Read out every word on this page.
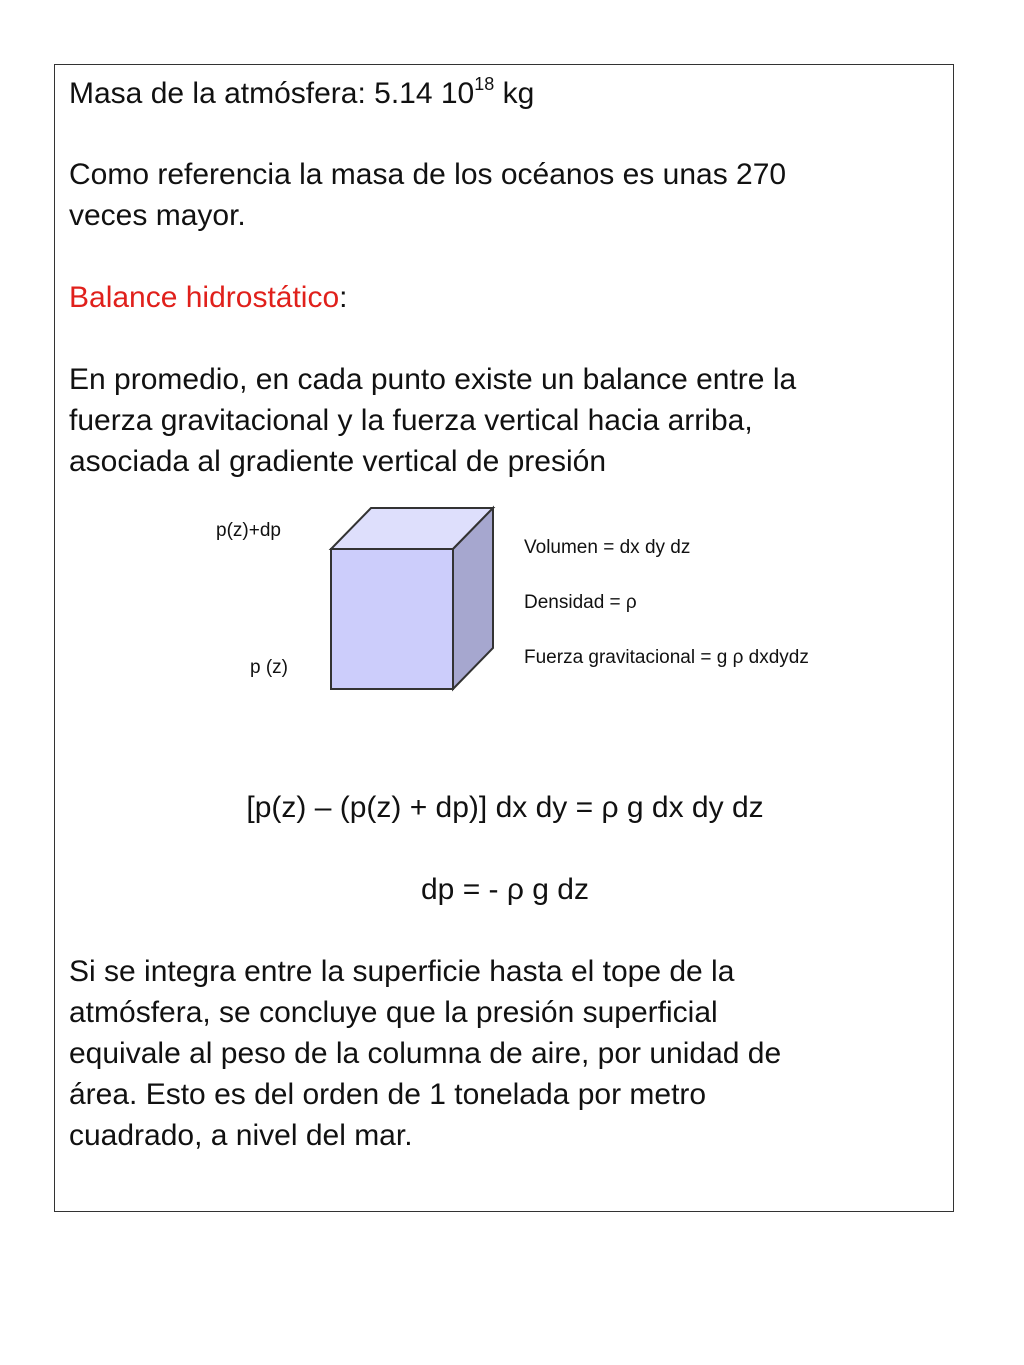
Masa de la atmósfera: 5.14 $10^{18}$ kg

Como referencia la masa de los océanos es unas 270

veces mayor.

Balance hidrostático:

En promedio, en cada punto existe un balance entre la

fuerza gravitacional y la fuerza vertical hacia arriba,

asociada al gradiente vertical de presión

p(z)+dp

p (z)

Volumen = dx dy dz

Densidad = ρ

Fuerza gravitacional = g ρ dxdydz

[p(z) – (p(z) + dp)] dx dy = ρ g dx dy dz

dp = - ρ g dz

Si se integra entre la superficie hasta el tope de la

atmósfera, se concluye que la presión superficial

equivale al peso de la columna de aire, por unidad de

área. Esto es del orden de 1 tonelada por metro

cuadrado, a nivel del mar.
